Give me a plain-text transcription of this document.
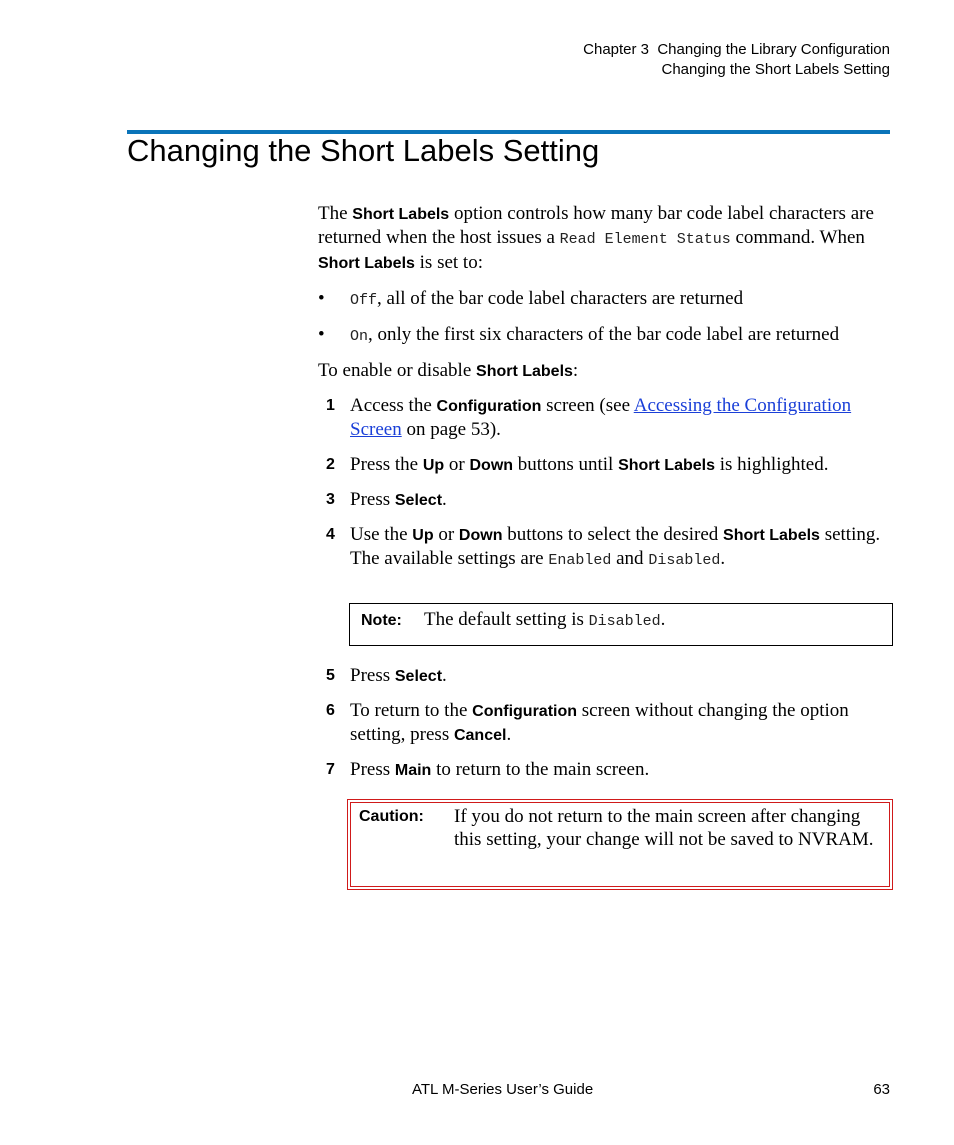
Chapter 3  Changing the Library Configuration
Changing the Short Labels Setting
Changing the Short Labels Setting

The Short Labels option controls how many bar code label characters are returned when the host issues a Read Element Status command. When Short Labels is set to:

• Off, all of the bar code label characters are returned
• On, only the first six characters of the bar code label are returned

To enable or disable Short Labels:

1 Access the Configuration screen (see Accessing the Configuration Screen on page 53).
2 Press the Up or Down buttons until Short Labels is highlighted.
3 Press Select.
4 Use the Up or Down buttons to select the desired Short Labels setting. The available settings are Enabled and Disabled.
Note: The default setting is Disabled.
5 Press Select.
6 To return to the Configuration screen without changing the option setting, press Cancel.
7 Press Main to return to the main screen.
Caution: If you do not return to the main screen after changing this setting, your change will not be saved to NVRAM.
ATL M-Series User’s Guide	63
